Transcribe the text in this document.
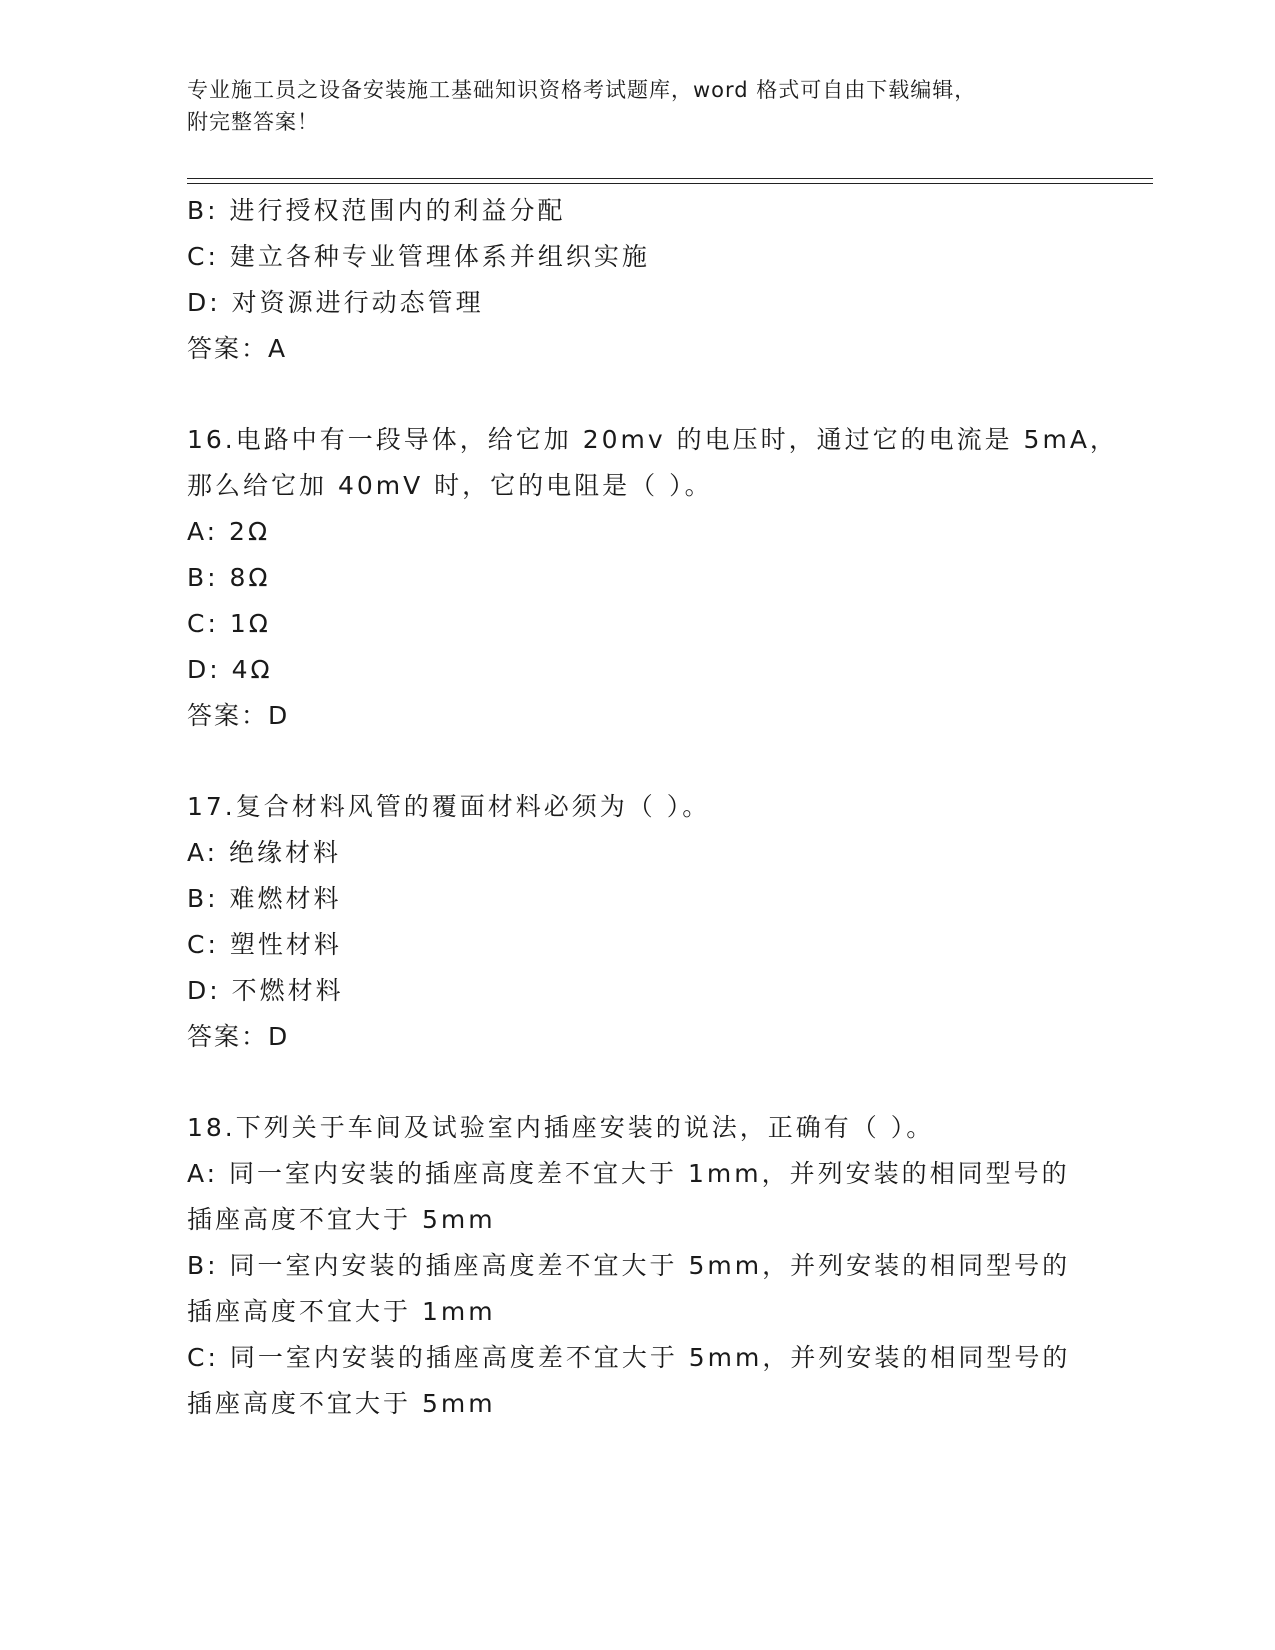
专业施工员之设备安装施工基础知识资格考试题库，word 格式可自由下载编辑，
附完整答案！
B: 进行授权范围内的利益分配
C: 建立各种专业管理体系并组织实施
D: 对资源进行动态管理
答案：A
16.电路中有一段导体，给它加 20mv 的电压时，通过它的电流是 5mA，
那么给它加 40mV 时，它的电阻是（ ）。
A: 2Ω
B: 8Ω
C: 1Ω
D: 4Ω
答案：D
17.复合材料风管的覆面材料必须为（ ）。
A: 绝缘材料
B: 难燃材料
C: 塑性材料
D: 不燃材料
答案：D
18.下列关于车间及试验室内插座安装的说法，正确有（ ）。
A: 同一室内安装的插座高度差不宜大于 1mm，并列安装的相同型号的
插座高度不宜大于 5mm
B: 同一室内安装的插座高度差不宜大于 5mm，并列安装的相同型号的
插座高度不宜大于 1mm
C: 同一室内安装的插座高度差不宜大于 5mm，并列安装的相同型号的
插座高度不宜大于 5mm
